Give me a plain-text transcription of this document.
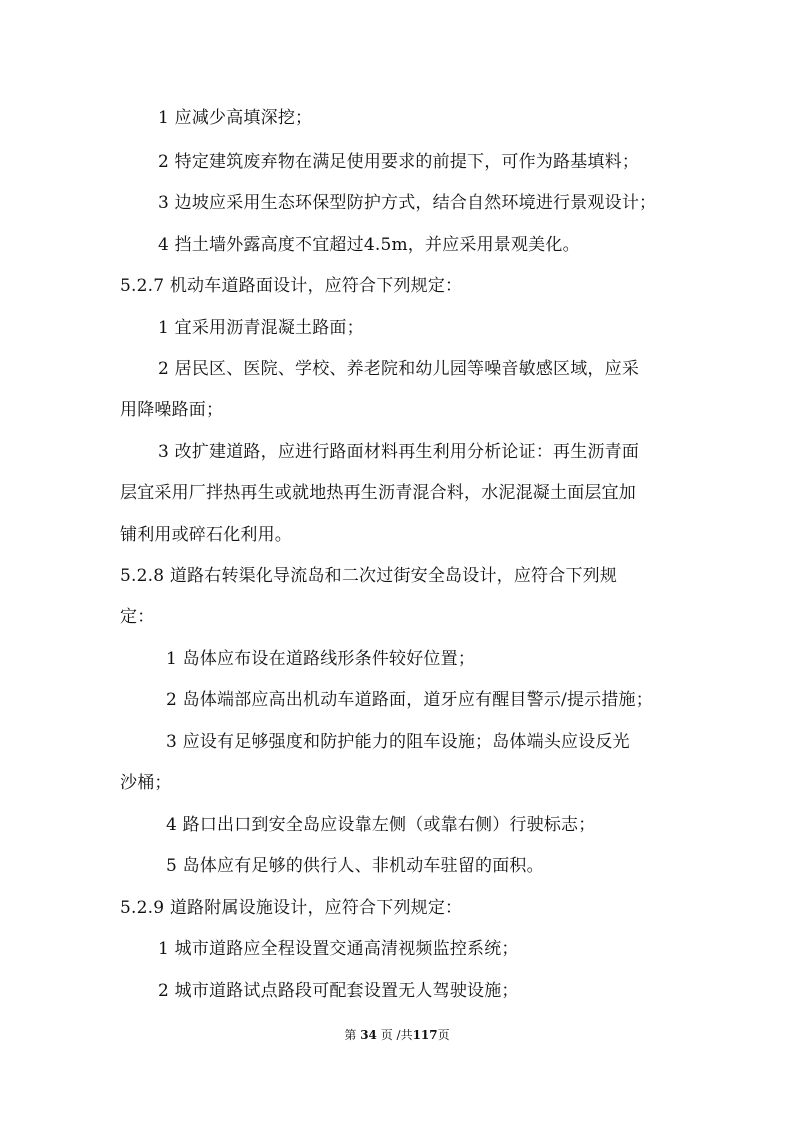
1 应减少高填深挖；
2 特定建筑废弃物在满足使用要求的前提下，可作为路基填料；
3 边坡应采用生态环保型防护方式，结合自然环境进行景观设计；
4 挡土墙外露高度不宜超过4.5m，并应采用景观美化。
5.2.7 机动车道路面设计，应符合下列规定：
1 宜采用沥青混凝土路面；
2 居民区、医院、学校、养老院和幼儿园等噪音敏感区域，应采
用降噪路面；
3 改扩建道路，应进行路面材料再生利用分析论证：再生沥青面
层宜采用厂拌热再生或就地热再生沥青混合料，水泥混凝土面层宜加
铺利用或碎石化利用。
5.2.8 道路右转渠化导流岛和二次过街安全岛设计，应符合下列规
定：
1 岛体应布设在道路线形条件较好位置；
2 岛体端部应高出机动车道路面，道牙应有醒目警示/提示措施；
3 应设有足够强度和防护能力的阻车设施；岛体端头应设反光
沙桶；
4 路口出口到安全岛应设靠左侧（或靠右侧）行驶标志；
5 岛体应有足够的供行人、非机动车驻留的面积。
5.2.9 道路附属设施设计，应符合下列规定：
1 城市道路应全程设置交通高清视频监控系统；
2 城市道路试点路段可配套设置无人驾驶设施；
第 34 页 /共117页
